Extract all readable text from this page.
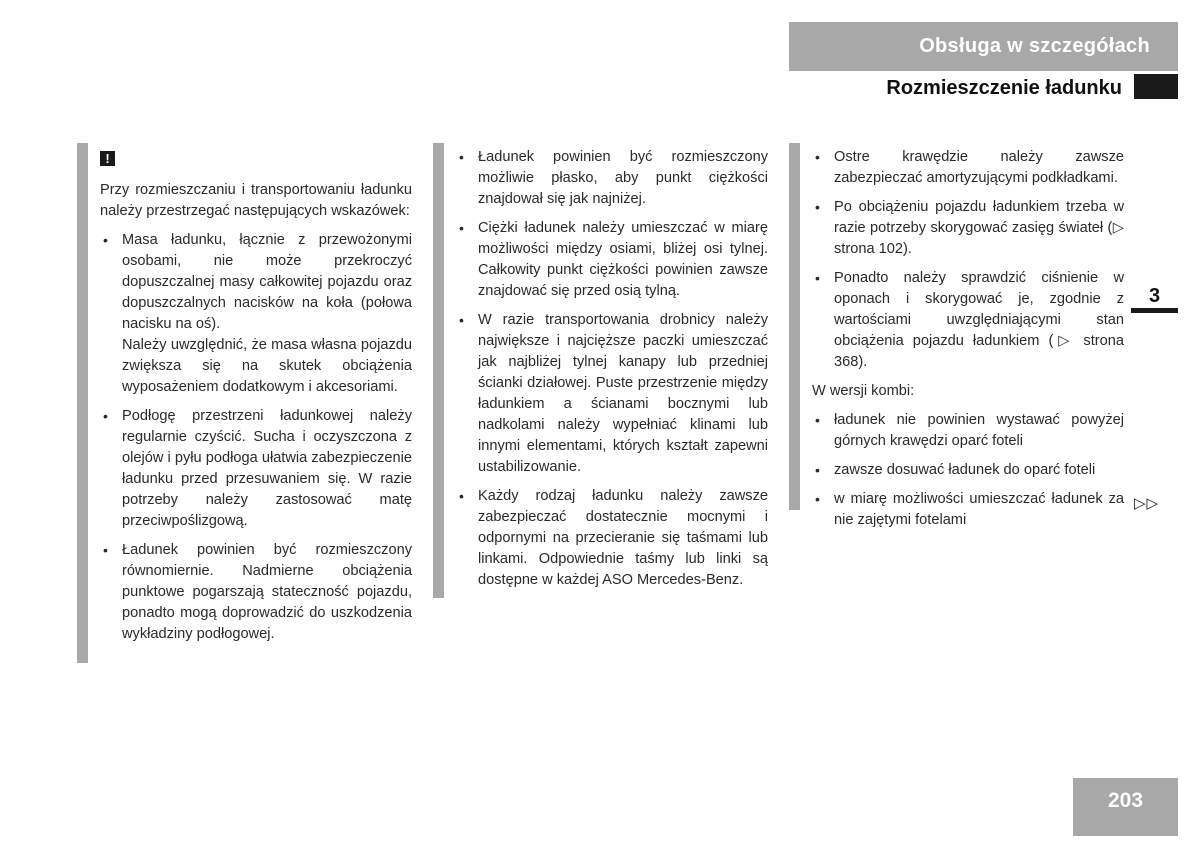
Obsługa w szczegółach
Rozmieszczenie ładunku
3
!

Przy rozmieszczaniu i transportowaniu ładunku należy przestrzegać następujących wskazówek:

• Masa ładunku, łącznie z przewożonymi osobami, nie może przekroczyć dopuszczalnej masy całkowitej pojazdu oraz dopuszczalnych nacisków na koła (połowa nacisku na oś).
Należy uwzględnić, że masa własna pojazdu zwiększa się na skutek obciążenia wyposażeniem dodatkowym i akcesoriami.
• Podłogę przestrzeni ładunkowej należy regularnie czyścić. Sucha i oczyszczona z olejów i pyłu podłoga ułatwia zabezpieczenie ładunku przed przesuwaniem się. W razie potrzeby należy zastosować matę przeciwpoślizgową.
• Ładunek powinien być rozmieszczony równomiernie. Nadmierne obciążenia punktowe pogarszają stateczność pojazdu, ponadto mogą doprowadzić do uszkodzenia wykładziny podłogowej.
• Ładunek powinien być rozmieszczony możliwie płasko, aby punkt ciężkości znajdował się jak najniżej.
• Ciężki ładunek należy umieszczać w miarę możliwości między osiami, bliżej osi tylnej. Całkowity punkt ciężkości powinien zawsze znajdować się przed osią tylną.
• W razie transportowania drobnicy należy największe i najcięższe paczki umieszczać jak najbliżej tylnej kanapy lub przedniej ścianki działowej. Puste przestrzenie między ładunkiem a ścianami bocznymi lub nadkolami należy wypełniać klinami lub innymi elementami, których kształt zapewni ustabilizowanie.
• Każdy rodzaj ładunku należy zawsze zabezpieczać dostatecznie mocnymi i odpornymi na przecieranie się taśmami lub linkami. Odpowiednie taśmy lub linki są dostępne w każdej ASO Mercedes-Benz.
• Ostre krawędzie należy zawsze zabezpieczać amortyzującymi podkładkami.
• Po obciążeniu pojazdu ładunkiem trzeba w razie potrzeby skorygować zasięg świateł (▷ strona 102).
• Ponadto należy sprawdzić ciśnienie w oponach i skorygować je, zgodnie z wartościami uwzględniającymi stan obciążenia pojazdu ładunkiem (▷ strona 368).

W wersji kombi:

• ładunek nie powinien wystawać powyżej górnych krawędzi oparć foteli
• zawsze dosuwać ładunek do oparć foteli
• w miarę możliwości umieszczać ładunek za nie zajętymi fotelami
▷▷
203
